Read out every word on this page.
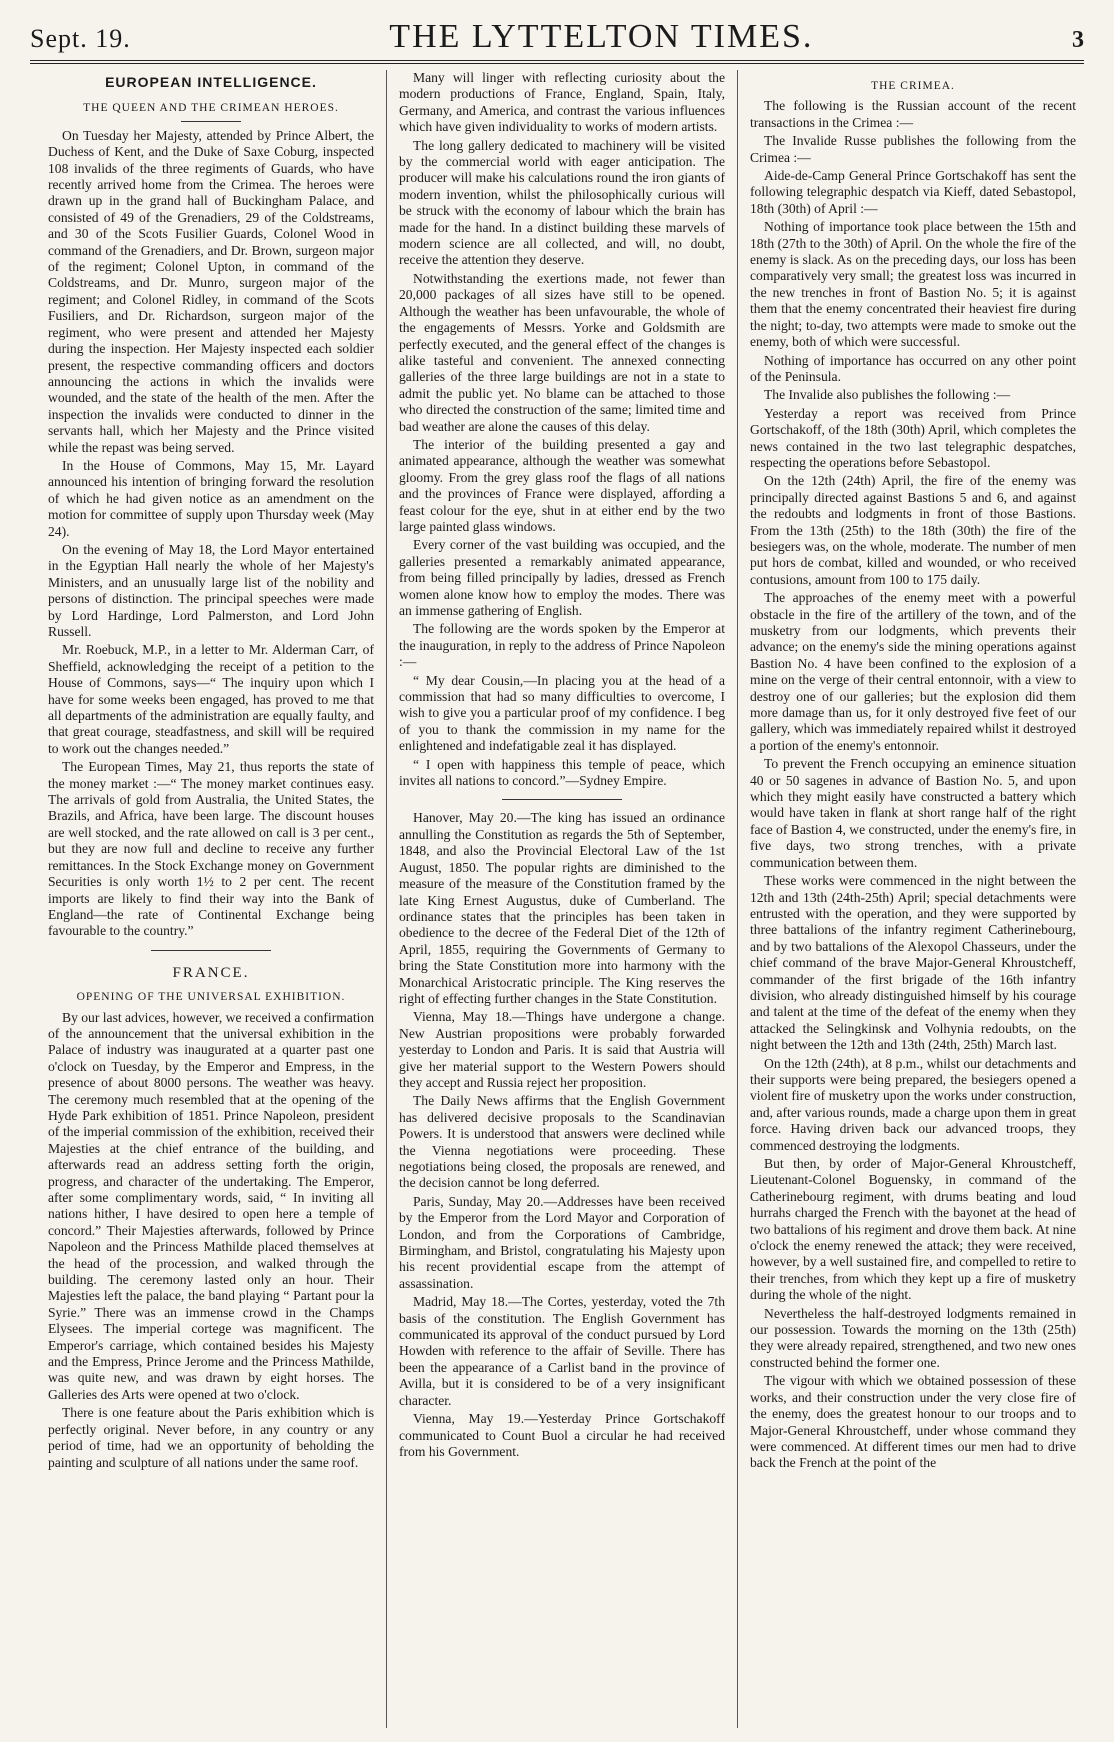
Sept. 19.	THE LYTTELTON TIMES.	3
EUROPEAN INTELLIGENCE.
THE QUEEN AND THE CRIMEAN HEROES.

On Tuesday her Majesty, attended by Prince Albert, the Duchess of Kent, and the Duke of Saxe Coburg, inspected 108 invalids of the three regiments of Guards, who have recently arrived home from the Crimea. The heroes were drawn up in the grand hall of Buckingham Palace, and consisted of 49 of the Grenadiers, 29 of the Coldstreams, and 30 of the Scots Fusilier Guards, Colonel Wood in command of the Grenadiers, and Dr. Brown, surgeon major of the regiment; Colonel Upton, in command of the Coldstreams, and Dr. Munro, surgeon major of the regiment; and Colonel Ridley, in command of the Scots Fusiliers, and Dr. Richardson, surgeon major of the regiment, who were present and attended her Majesty during the inspection. Her Majesty inspected each soldier present, the respective commanding officers and doctors announcing the actions in which the invalids were wounded, and the state of the health of the men. After the inspection the invalids were conducted to dinner in the servants hall, which her Majesty and the Prince visited while the repast was being served.

In the House of Commons, May 15, Mr. Layard announced his intention of bringing forward the resolution of which he had given notice as an amendment on the motion for committee of supply upon Thursday week (May 24).

On the evening of May 18, the Lord Mayor entertained in the Egyptian Hall nearly the whole of her Majesty's Ministers, and an unusually large list of the nobility and persons of distinction. The principal speeches were made by Lord Hardinge, Lord Palmerston, and Lord John Russell.

Mr. Roebuck, M.P., in a letter to Mr. Alderman Carr, of Sheffield, acknowledging the receipt of a petition to the House of Commons, says—“ The inquiry upon which I have for some weeks been engaged, has proved to me that all departments of the administration are equally faulty, and that great courage, steadfastness, and skill will be required to work out the changes needed.”

The European Times, May 21, thus reports the state of the money market :—“ The money market continues easy. The arrivals of gold from Australia, the United States, the Brazils, and Africa, have been large. The discount houses are well stocked, and the rate allowed on call is 3 per cent., but they are now full and decline to receive any further remittances. In the Stock Exchange money on Government Securities is only worth 1½ to 2 per cent. The recent imports are likely to find their way into the Bank of England—the rate of Continental Exchange being favourable to the country.”

FRANCE.
OPENING OF THE UNIVERSAL EXHIBITION.

By our last advices, however, we received a confirmation of the announcement that the universal exhibition in the Palace of industry was inaugurated at a quarter past one o'clock on Tuesday, by the Emperor and Empress, in the presence of about 8000 persons. The weather was heavy. The ceremony much resembled that at the opening of the Hyde Park exhibition of 1851. Prince Napoleon, president of the imperial commission of the exhibition, received their Majesties at the chief entrance of the building, and afterwards read an address setting forth the origin, progress, and character of the undertaking. The Emperor, after some complimentary words, said, “ In inviting all nations hither, I have desired to open here a temple of concord.” Their Majesties afterwards, followed by Prince Napoleon and the Princess Mathilde placed themselves at the head of the procession, and walked through the building. The ceremony lasted only an hour. Their Majesties left the palace, the band playing “ Partant pour la Syrie.” There was an immense crowd in the Champs Elysees. The imperial cortege was magnificent. The Emperor's carriage, which contained besides his Majesty and the Empress, Prince Jerome and the Princess Mathilde, was quite new, and was drawn by eight horses. The Galleries des Arts were opened at two o'clock.

There is one feature about the Paris exhibition which is perfectly original. Never before, in any country or any period of time, had we an opportunity of beholding the painting and sculpture of all nations under the same roof.

Many will linger with reflecting curiosity about the modern productions of France, England, Spain, Italy, Germany, and America, and contrast the various influences which have given individuality to works of modern artists.

The long gallery dedicated to machinery will be visited by the commercial world with eager anticipation. The producer will make his calculations round the iron giants of modern invention, whilst the philosophically curious will be struck with the economy of labour which the brain has made for the hand. In a distinct building these marvels of modern science are all collected, and will, no doubt, receive the attention they deserve.

Notwithstanding the exertions made, not fewer than 20,000 packages of all sizes have still to be opened. Although the weather has been unfavourable, the whole of the engagements of Messrs. Yorke and Goldsmith are perfectly executed, and the general effect of the changes is alike tasteful and convenient. The annexed connecting galleries of the three large buildings are not in a state to admit the public yet. No blame can be attached to those who directed the construction of the same; limited time and bad weather are alone the causes of this delay.

The interior of the building presented a gay and animated appearance, although the weather was somewhat gloomy. From the grey glass roof the flags of all nations and the provinces of France were displayed, affording a feast colour for the eye, shut in at either end by the two large painted glass windows.

Every corner of the vast building was occupied, and the galleries presented a remarkably animated appearance, from being filled principally by ladies, dressed as French women alone know how to employ the modes. There was an immense gathering of English.

The following are the words spoken by the Emperor at the inauguration, in reply to the address of Prince Napoleon :—

“ My dear Cousin,—In placing you at the head of a commission that had so many difficulties to overcome, I wish to give you a particular proof of my confidence. I beg of you to thank the commission in my name for the enlightened and indefatigable zeal it has displayed.

“ I open with happiness this temple of peace, which invites all nations to concord.”—Sydney Empire.

Hanover, May 20.—The king has issued an ordinance annulling the Constitution as regards the 5th of September, 1848, and also the Provincial Electoral Law of the 1st August, 1850. The popular rights are diminished to the measure of the measure of the Constitution framed by the late King Ernest Augustus, duke of Cumberland. The ordinance states that the principles has been taken in obedience to the decree of the Federal Diet of the 12th of April, 1855, requiring the Governments of Germany to bring the State Constitution more into harmony with the Monarchical Aristocratic principle. The King reserves the right of effecting further changes in the State Constitution.

Vienna, May 18.—Things have undergone a change. New Austrian propositions were probably forwarded yesterday to London and Paris. It is said that Austria will give her material support to the Western Powers should they accept and Russia reject her proposition.

The Daily News affirms that the English Government has delivered decisive proposals to the Scandinavian Powers. It is understood that answers were declined while the Vienna negotiations were proceeding. These negotiations being closed, the proposals are renewed, and the decision cannot be long deferred.

Paris, Sunday, May 20.—Addresses have been received by the Emperor from the Lord Mayor and Corporation of London, and from the Corporations of Cambridge, Birmingham, and Bristol, congratulating his Majesty upon his recent providential escape from the attempt of assassination.

Madrid, May 18.—The Cortes, yesterday, voted the 7th basis of the constitution. The English Government has communicated its approval of the conduct pursued by Lord Howden with reference to the affair of Seville. There has been the appearance of a Carlist band in the province of Avilla, but it is considered to be of a very insignificant character.

Vienna, May 19.—Yesterday Prince Gortschakoff communicated to Count Buol a circular he had received from his Government.

THE CRIMEA.

The following is the Russian account of the recent transactions in the Crimea :—

The Invalide Russe publishes the following from the Crimea :—

Aide-de-Camp General Prince Gortschakoff has sent the following telegraphic despatch via Kieff, dated Sebastopol, 18th (30th) of April :—

Nothing of importance took place between the 15th and 18th (27th to the 30th) of April. On the whole the fire of the enemy is slack. As on the preceding days, our loss has been comparatively very small; the greatest loss was incurred in the new trenches in front of Bastion No. 5; it is against them that the enemy concentrated their heaviest fire during the night; to-day, two attempts were made to smoke out the enemy, both of which were successful.

Nothing of importance has occurred on any other point of the Peninsula.

The Invalide also publishes the following :—

Yesterday a report was received from Prince Gortschakoff, of the 18th (30th) April, which completes the news contained in the two last telegraphic despatches, respecting the operations before Sebastopol.

On the 12th (24th) April, the fire of the enemy was principally directed against Bastions 5 and 6, and against the redoubts and lodgments in front of those Bastions. From the 13th (25th) to the 18th (30th) the fire of the besiegers was, on the whole, moderate. The number of men put hors de combat, killed and wounded, or who received contusions, amount from 100 to 175 daily.

The approaches of the enemy meet with a powerful obstacle in the fire of the artillery of the town, and of the musketry from our lodgments, which prevents their advance; on the enemy's side the mining operations against Bastion No. 4 have been confined to the explosion of a mine on the verge of their central entonnoir, with a view to destroy one of our galleries; but the explosion did them more damage than us, for it only destroyed five feet of our gallery, which was immediately repaired whilst it destroyed a portion of the enemy's entonnoir.

To prevent the French occupying an eminence situation 40 or 50 sagenes in advance of Bastion No. 5, and upon which they might easily have constructed a battery which would have taken in flank at short range half of the right face of Bastion 4, we constructed, under the enemy's fire, in five days, two strong trenches, with a private communication between them.

These works were commenced in the night between the 12th and 13th (24th-25th) April; special detachments were entrusted with the operation, and they were supported by three battalions of the infantry regiment Catherinebourg, and by two battalions of the Alexopol Chasseurs, under the chief command of the brave Major-General Khroustcheff, commander of the first brigade of the 16th infantry division, who already distinguished himself by his courage and talent at the time of the defeat of the enemy when they attacked the Selingkinsk and Volhynia redoubts, on the night between the 12th and 13th (24th, 25th) March last.

On the 12th (24th), at 8 p.m., whilst our detachments and their supports were being prepared, the besiegers opened a violent fire of musketry upon the works under construction, and, after various rounds, made a charge upon them in great force. Having driven back our advanced troops, they commenced destroying the lodgments.

But then, by order of Major-General Khroustcheff, Lieutenant-Colonel Boguensky, in command of the Catherinebourg regiment, with drums beating and loud hurrahs charged the French with the bayonet at the head of two battalions of his regiment and drove them back. At nine o'clock the enemy renewed the attack; they were received, however, by a well sustained fire, and compelled to retire to their trenches, from which they kept up a fire of musketry during the whole of the night.

Nevertheless the half-destroyed lodgments remained in our possession. Towards the morning on the 13th (25th) they were already repaired, strengthened, and two new ones constructed behind the former one.

The vigour with which we obtained possession of these works, and their construction under the very close fire of the enemy, does the greatest honour to our troops and to Major-General Khroustcheff, under whose command they were commenced. At different times our men had to drive back the French at the point of the
